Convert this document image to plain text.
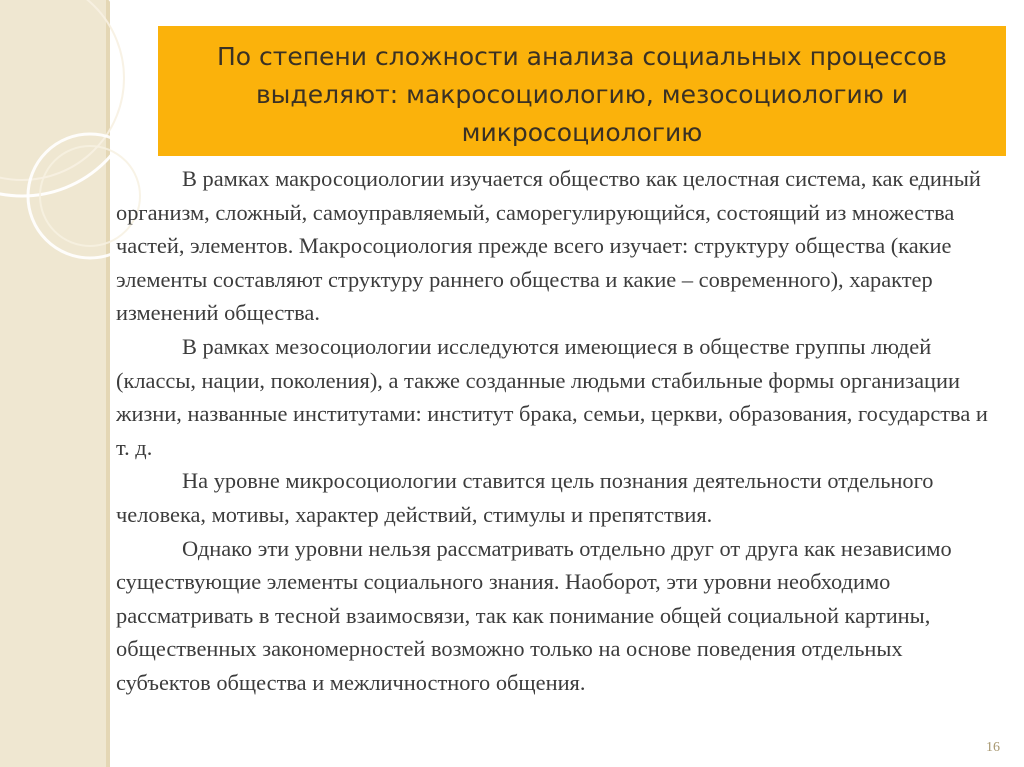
По степени сложности анализа социальных процессов
выделяют: макросоциологию, мезосоциологию и
микросоциологию
В рамках макросоциологии изучается общество как целостная система, как единый
организм, сложный, самоуправляемый, саморегулирующийся, состоящий из множества
частей, элементов. Макросоциология прежде всего изучает: структуру общества (какие
элементы составляют структуру раннего общества и какие – современного), характер
изменений общества.
В рамках мезосоциологии исследуются имеющиеся в обществе группы людей
(классы, нации, поколения), а также созданные людьми стабильные формы организации
жизни, названные институтами: институт брака, семьи, церкви, образования, государства и
т. д.
На уровне микросоциологии ставится цель познания деятельности отдельного
человека, мотивы, характер действий, стимулы и препятствия.
Однако эти уровни нельзя рассматривать отдельно друг от друга как независимо
существующие элементы социального знания. Наоборот, эти уровни необходимо
рассматривать в тесной взаимосвязи, так как понимание общей социальной картины,
общественных закономерностей возможно только на основе поведения отдельных
субъектов общества и межличностного общения.
16
